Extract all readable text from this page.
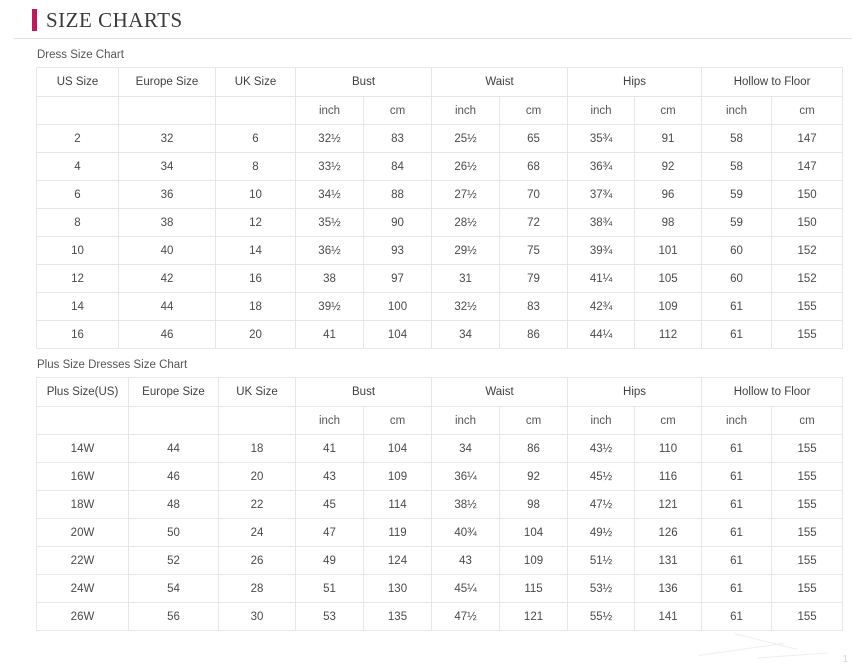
SIZE CHARTS
Dress Size Chart
US Size	Europe Size	UK Size	Bust		Waist		Hips		Hollow to Floor	
			inch	cm	inch	cm	inch	cm	inch	cm
2	32	6	32½	83	25½	65	35¾	91	58	147
4	34	8	33½	84	26½	68	36¾	92	58	147
6	36	10	34½	88	27½	70	37¾	96	59	150
8	38	12	35½	90	28½	72	38¾	98	59	150
10	40	14	36½	93	29½	75	39¾	101	60	152
12	42	16	38	97	31	79	41¼	105	60	152
14	44	18	39½	100	32½	83	42¾	109	61	155
16	46	20	41	104	34	86	44¼	112	61	155
Plus Size Dresses Size Chart
Plus Size(US)	Europe Size	UK Size	Bust		Waist		Hips		Hollow to Floor	
			inch	cm	inch	cm	inch	cm	inch	cm
14W	44	18	41	104	34	86	43½	110	61	155
16W	46	20	43	109	36¼	92	45½	116	61	155
18W	48	22	45	114	38½	98	47½	121	61	155
20W	50	24	47	119	40¾	104	49½	126	61	155
22W	52	26	49	124	43	109	51½	131	61	155
24W	54	28	51	130	45¼	115	53½	136	61	155
26W	56	30	53	135	47½	121	55½	141	61	155
1
